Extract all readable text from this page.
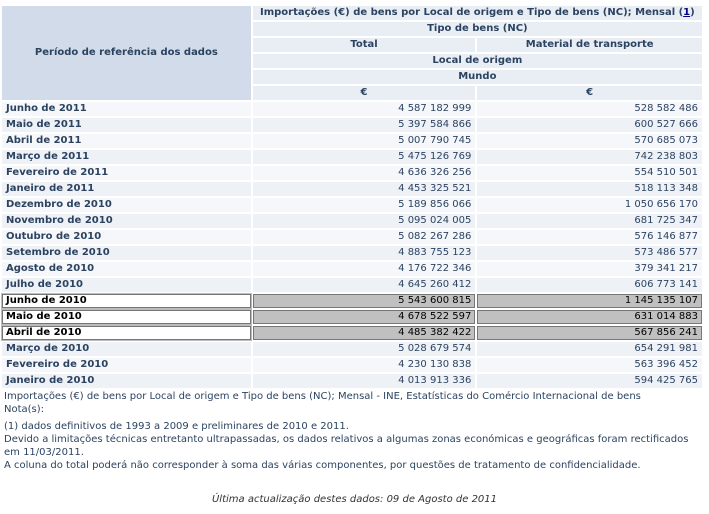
Período de referência dos dados	Importações (€) de bens por Local de origem e Tipo de bens (NC); Mensal (1)	
	Tipo de bens (NC)	
	Total	Material de transporte
	Local de origem	
	Mundo	
	€	€
Junho de 2011	4 587 182 999	528 582 486
Maio de 2011	5 397 584 866	600 527 666
Abril de 2011	5 007 790 745	570 685 073
Março de 2011	5 475 126 769	742 238 803
Fevereiro de 2011	4 636 326 256	554 510 501
Janeiro de 2011	4 453 325 521	518 113 348
Dezembro de 2010	5 189 856 066	1 050 656 170
Novembro de 2010	5 095 024 005	681 725 347
Outubro de 2010	5 082 267 286	576 146 877
Setembro de 2010	4 883 755 123	573 486 577
Agosto de 2010	4 176 722 346	379 341 217
Julho de 2010	4 645 260 412	606 773 141
Junho de 2010	5 543 600 815	1 145 135 107
Maio de 2010	4 678 522 597	631 014 883
Abril de 2010	4 485 382 422	567 856 241
Março de 2010	5 028 679 574	654 291 981
Fevereiro de 2010	4 230 130 838	563 396 452
Janeiro de 2010	4 013 913 336	594 425 765
Importações (€) de bens por Local de origem e Tipo de bens (NC); Mensal - INE, Estatísticas do Comércio Internacional de bens
Nota(s):
(1) dados definitivos de 1993 a 2009 e preliminares de 2010 e 2011.
Devido a limitações técnicas entretanto ultrapassadas, os dados relativos a algumas zonas económicas e geográficas foram rectificados em 11/03/2011.
A coluna do total poderá não corresponder à soma das várias componentes, por questões de tratamento de confidencialidade.
Última actualização destes dados: 09 de Agosto de 2011
